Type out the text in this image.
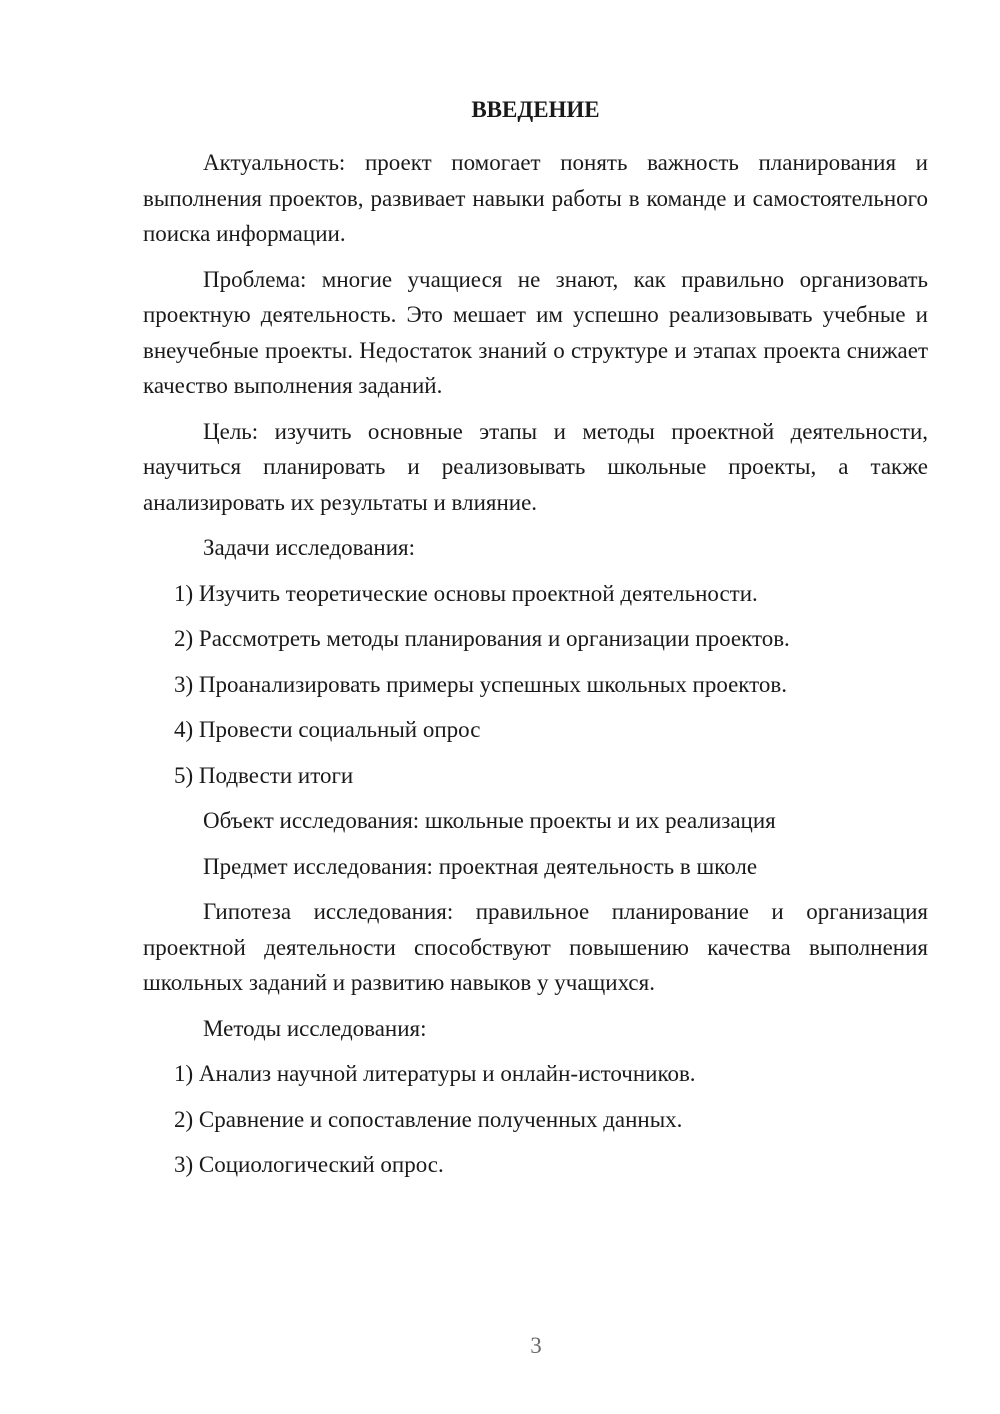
ВВЕДЕНИЕ
Актуальность: проект помогает понять важность планирования и выполнения проектов, развивает навыки работы в команде и самостоятельного поиска информации.
Проблема: многие учащиеся не знают, как правильно организовать проектную деятельность. Это мешает им успешно реализовывать учебные и внеучебные проекты. Недостаток знаний о структуре и этапах проекта снижает качество выполнения заданий.
Цель: изучить основные этапы и методы проектной деятельности, научиться планировать и реализовывать школьные проекты, а также анализировать их результаты и влияние.
Задачи исследования:
1) Изучить теоретические основы проектной деятельности.
2) Рассмотреть методы планирования и организации проектов.
3) Проанализировать примеры успешных школьных проектов.
4) Провести социальный опрос
5) Подвести итоги
Объект исследования: школьные проекты и их реализация
Предмет исследования: проектная деятельность в школе
Гипотеза исследования: правильное планирование и организация проектной деятельности способствуют повышению качества выполнения школьных заданий и развитию навыков у учащихся.
Методы исследования:
1) Анализ научной литературы и онлайн-источников.
2) Сравнение и сопоставление полученных данных.
3) Социологический опрос.
3
